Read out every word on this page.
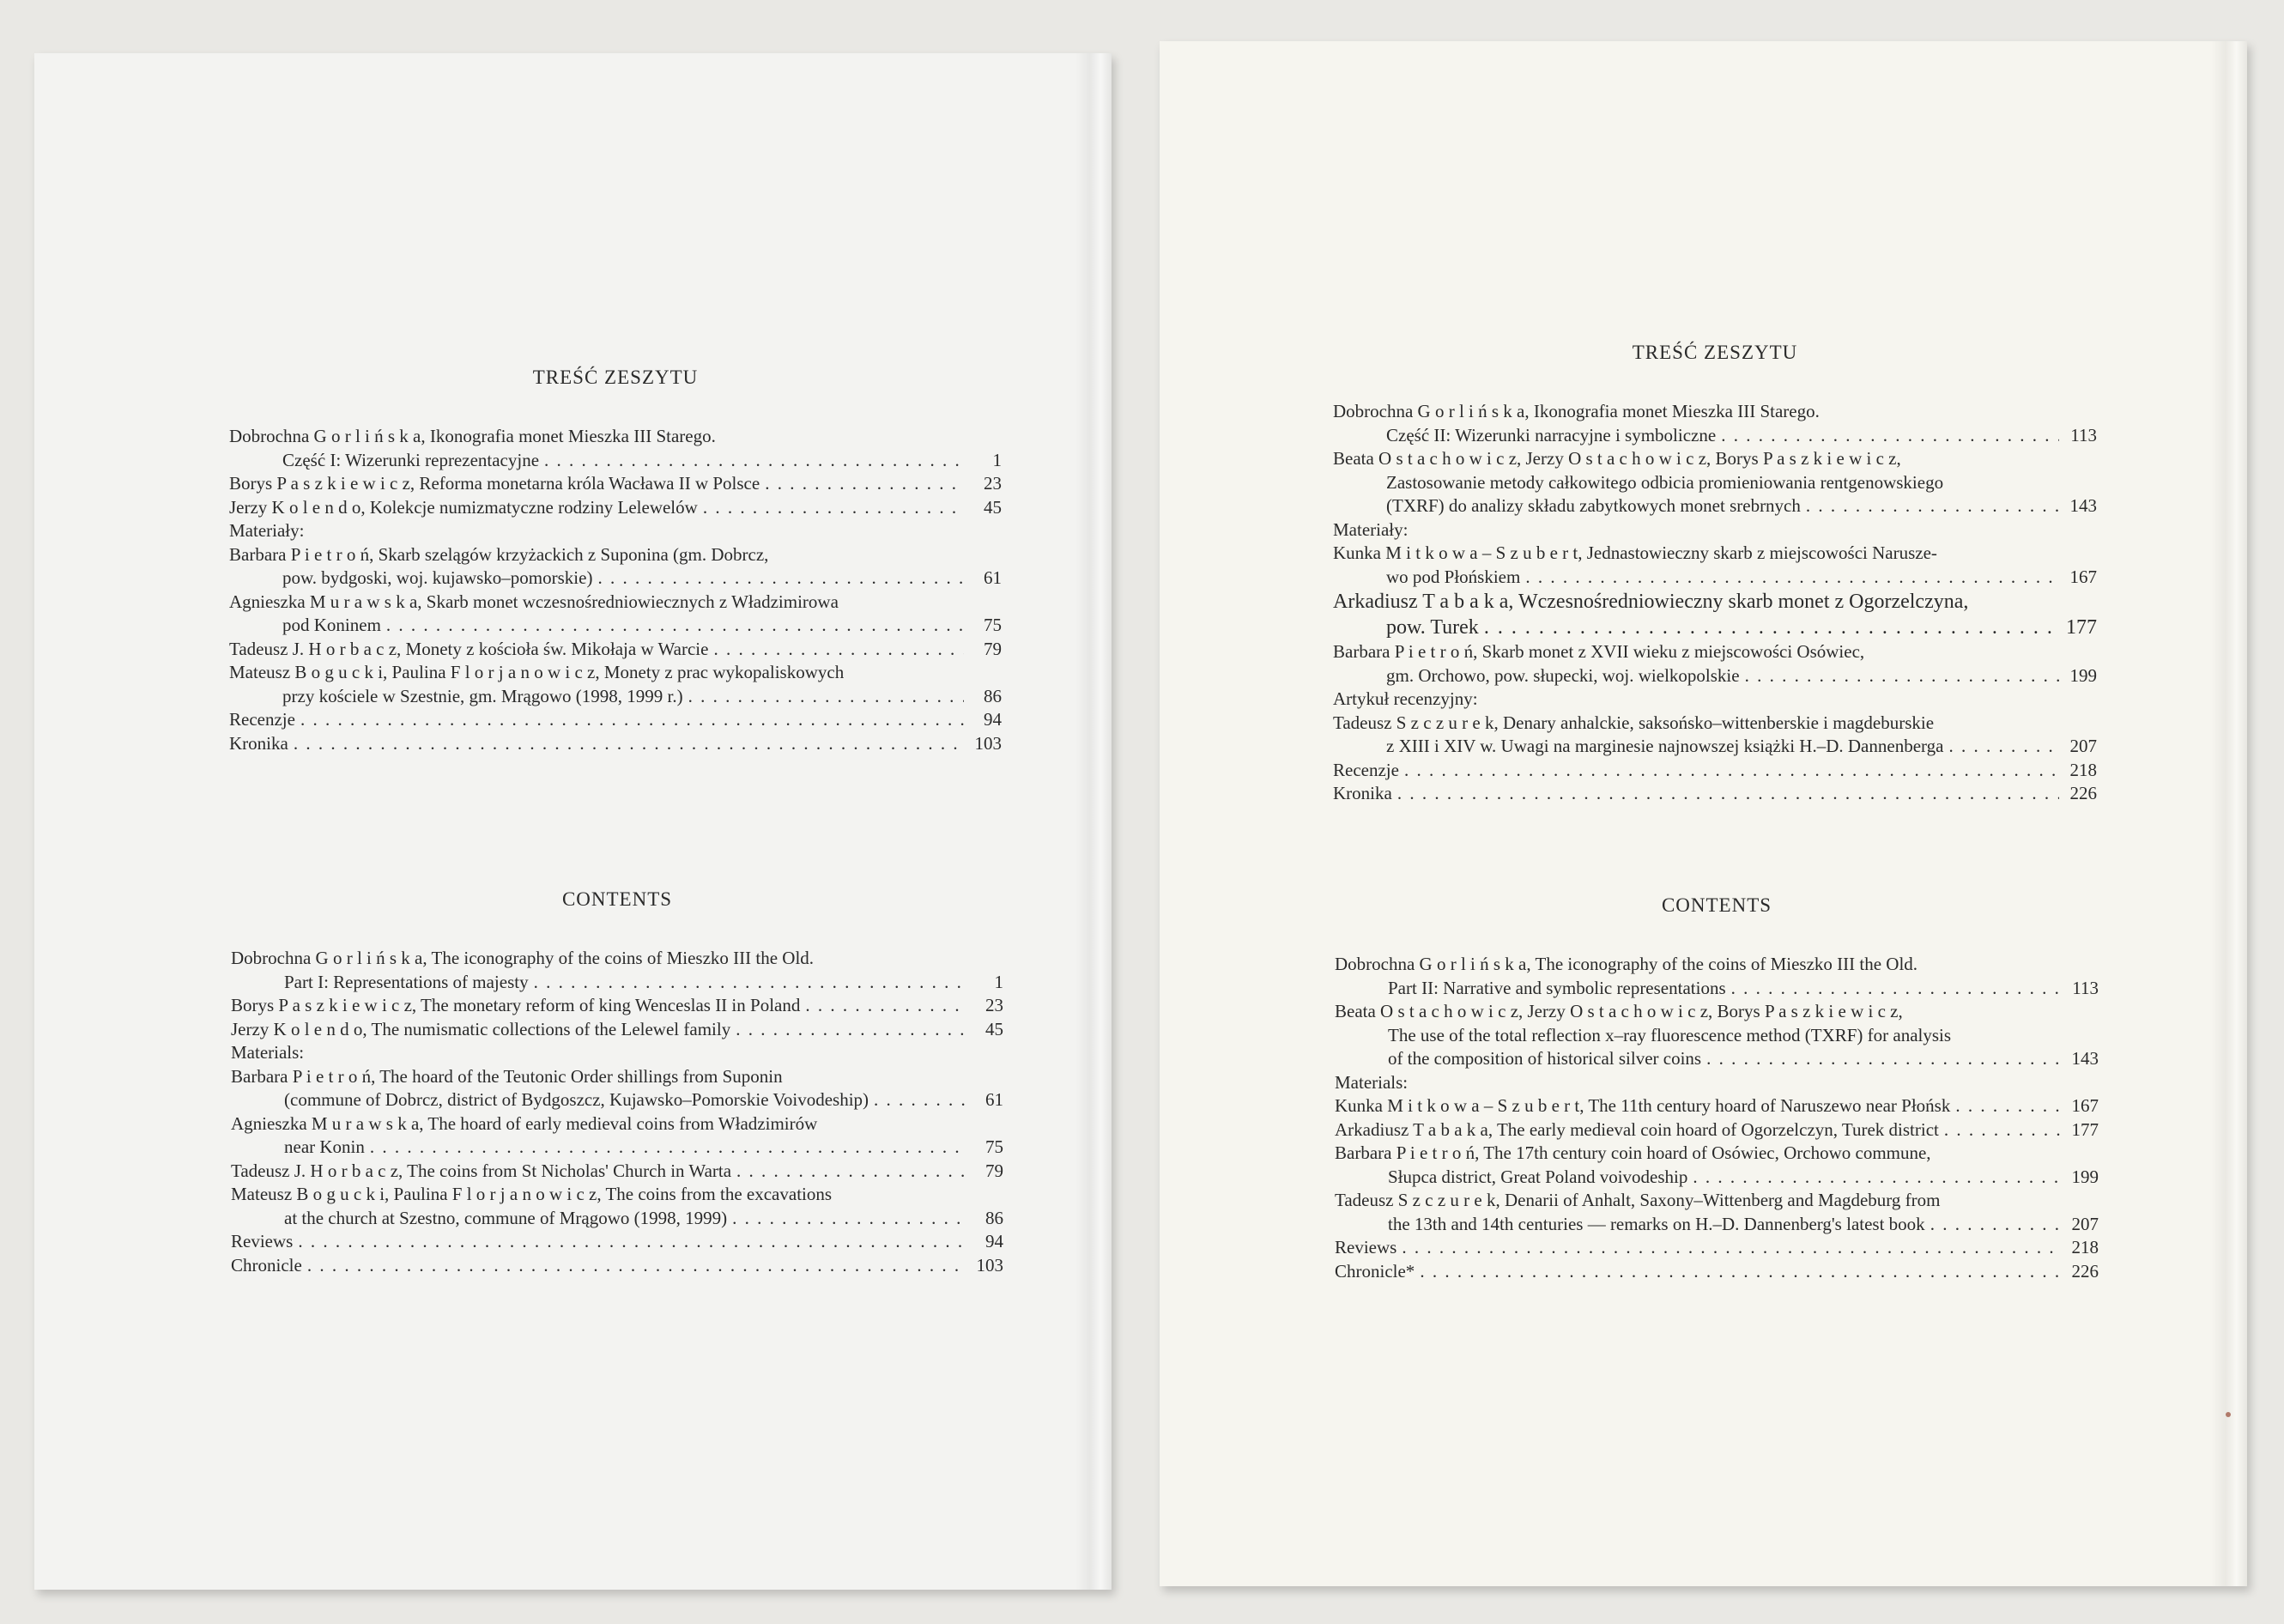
TREŚĆ ZESZYTU
Dobrochna G o r l i ń s k a, Ikonografia monet Mieszka III Starego.
Część I: Wizerunki reprezentacyjne . . .	1
Borys P a s z k i e w i c z, Reforma monetarna króla Wacława II w Polsce . . .	23
Jerzy K o l e n d o, Kolekcje numizmatyczne rodziny Lelewelów . . .	45
Materiały:
Barbara P i e t r o ń, Skarb szelągów krzyżackich z Suponina (gm. Dobrcz,
pow. bydgoski, woj. kujawsko–pomorskie) . . .	61
Agnieszka M u r a w s k a, Skarb monet wczesnośredniowiecznych z Władzimirowa
pod Koninem . . .	75
Tadeusz J. H o r b a c z, Monety z kościoła św. Mikołaja w Warcie . . .	79
Mateusz B o g u c k i, Paulina F l o r j a n o w i c z, Monety z prac wykopaliskowych
przy kościele w Szestnie, gm. Mrągowo (1998, 1999 r.) . . .	86
Recenzje . . .	94
Kronika . . .	103
CONTENTS
Dobrochna G o r l i ń s k a, The iconography of the coins of Mieszko III the Old.
Part I: Representations of majesty . . .	1
Borys P a s z k i e w i c z, The monetary reform of king Wenceslas II in Poland . . .	23
Jerzy K o l e n d o, The numismatic collections of the Lelewel family . . .	45
Materials:
Barbara P i e t r o ń, The hoard of the Teutonic Order shillings from Suponin
(commune of Dobrcz, district of Bydgoszcz, Kujawsko–Pomorskie Voivodeship) . . .	61
Agnieszka M u r a w s k a, The hoard of early medieval coins from Władzimirów
near Konin . . .	75
Tadeusz J. H o r b a c z, The coins from St Nicholas' Church in Warta . . .	79
Mateusz B o g u c k i, Paulina F l o r j a n o w i c z, The coins from the excavations
at the church at Szestno, commune of Mrągowo (1998, 1999) . . .	86
Reviews . . .	94
Chronicle . . .	103
TREŚĆ ZESZYTU
Dobrochna G o r l i ń s k a, Ikonografia monet Mieszka III Starego.
Część II: Wizerunki narracyjne i symboliczne . . .	113
Beata O s t a c h o w i c z, Jerzy O s t a c h o w i c z, Borys P a s z k i e w i c z,
Zastosowanie metody całkowitego odbicia promieniowania rentgenowskiego
(TXRF) do analizy składu zabytkowych monet srebrnych . . .	143
Materiały:
Kunka M i t k o w a – S z u b e r t, Jednastowieczny skarb z miejscowości Narusze-
wo pod Płońskiem . . .	167
Arkadiusz T a b a k a, Wczesnośredniowieczny skarb monet z Ogorzelczyna,
pow. Turek . . .	177
Barbara P i e t r o ń, Skarb monet z XVII wieku z miejscowości Osówiec,
gm. Orchowo, pow. słupecki, woj. wielkopolskie . . .	199
Artykuł recenzyjny:
Tadeusz S z c z u r e k, Denary anhalckie, saksońsko–wittenberskie i magdeburskie
z XIII i XIV w. Uwagi na marginesie najnowszej książki H.–D. Dannenberga . . .	207
Recenzje . . .	218
Kronika . . .	226
CONTENTS
Dobrochna G o r l i ń s k a, The iconography of the coins of Mieszko III the Old.
Part II: Narrative and symbolic representations . . .	113
Beata O s t a c h o w i c z, Jerzy O s t a c h o w i c z, Borys P a s z k i e w i c z,
The use of the total reflection x–ray fluorescence method (TXRF) for analysis
of the composition of historical silver coins . . .	143
Materials:
Kunka M i t k o w a – S z u b e r t, The 11th century hoard of Naruszewo near Płońsk . . .	167
Arkadiusz T a b a k a, The early medieval coin hoard of Ogorzelczyn, Turek district . . .	177
Barbara P i e t r o ń, The 17th century coin hoard of Osówiec, Orchowo commune,
Słupca district, Great Poland voivodeship . . .	199
Tadeusz S z c z u r e k, Denarii of Anhalt, Saxony–Wittenberg and Magdeburg from
the 13th and 14th centuries — remarks on H.–D. Dannenberg's latest book . . .	207
Reviews . . .	218
Chronicle* . . .	226
